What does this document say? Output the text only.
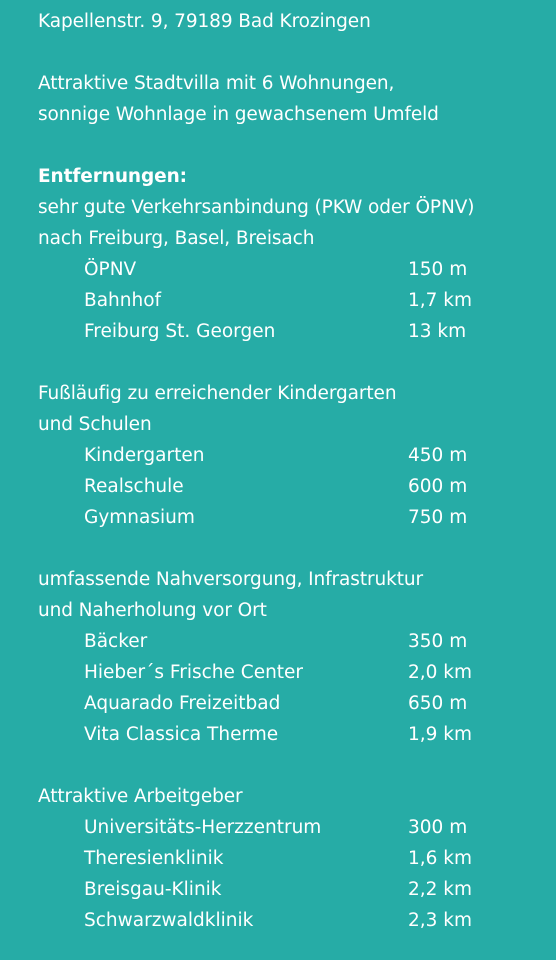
Kapellenstr. 9, 79189 Bad Krozingen
Attraktive Stadtvilla mit 6 Wohnungen,
sonnige Wohnlage in gewachsenem Umfeld
Entfernungen:
sehr gute Verkehrsanbindung (PKW oder ÖPNV)
nach Freiburg, Basel, Breisach
ÖPNV	150 m
Bahnhof	1,7 km
Freiburg St. Georgen	13 km
Fußläufig zu erreichender Kindergarten
und Schulen
Kindergarten	450 m
Realschule	600 m
Gymnasium	750 m
umfassende Nahversorgung, Infrastruktur
und Naherholung vor Ort
Bäcker	350 m
Hieber´s Frische Center	2,0 km
Aquarado Freizeitbad	650 m
Vita Classica Therme	1,9 km
Attraktive Arbeitgeber
Universitäts-Herzzentrum	300 m
Theresienklinik	1,6 km
Breisgau-Klinik	2,2 km
Schwarzwaldklinik	2,3 km
